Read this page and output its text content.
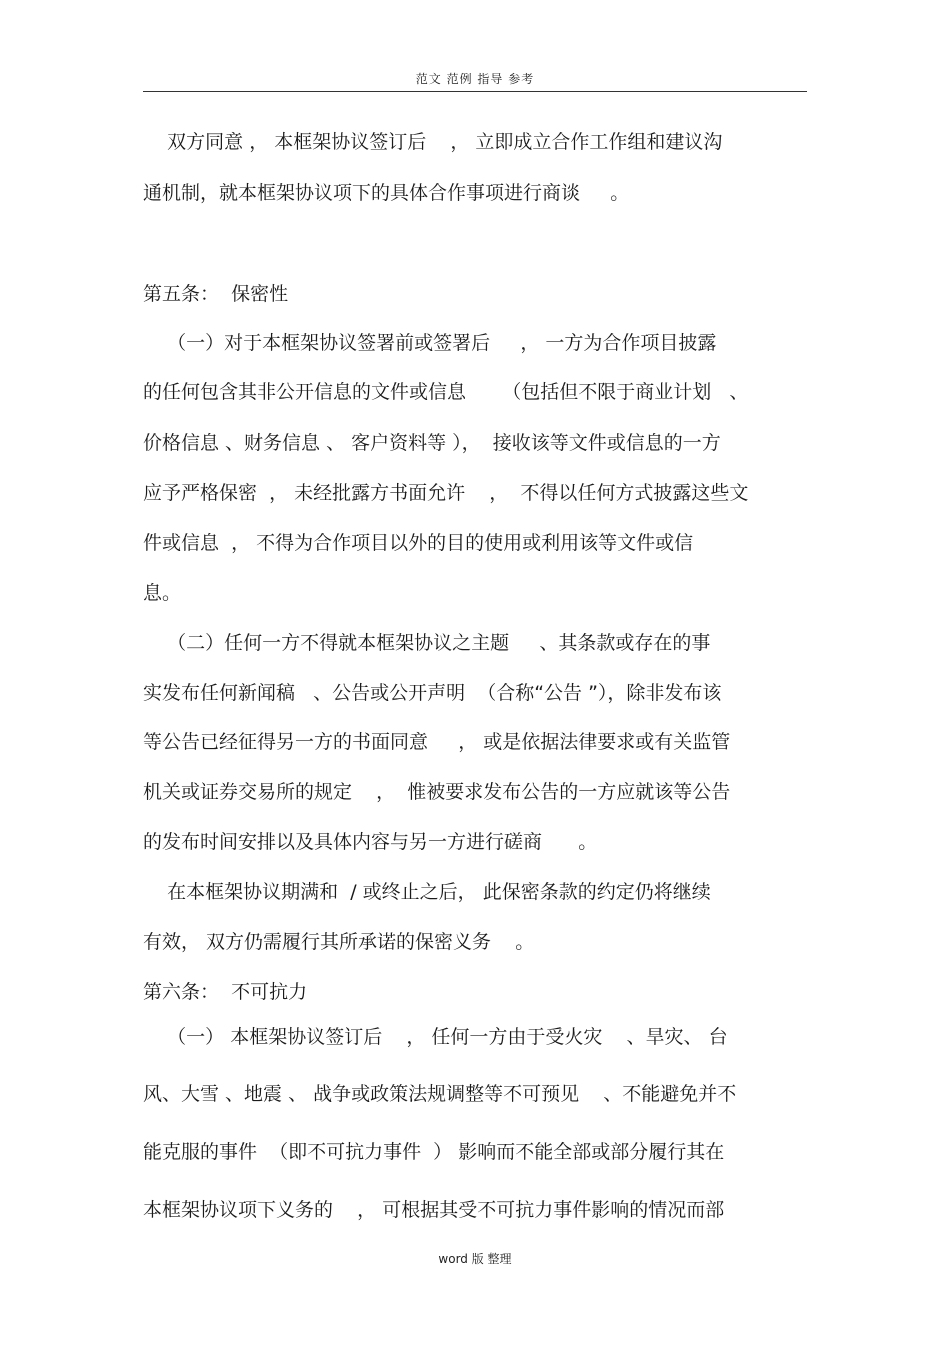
范文 范例 指导 参考
双方同意 ， 本框架协议签订后    ， 立即成立合作工作组和建议沟
通机制，就本框架协议项下的具体合作事项进行商谈     。
第五条：  保密性
（一）对于本框架协议签署前或签署后     ， 一方为合作项目披露
的任何包含其非公开信息的文件或信息      （包括但不限于商业计划   、
价格信息 、财务信息 、 客户资料等 ），  接收该等文件或信息的一方
应予严格保密  ， 未经批露方书面允许    ，  不得以任何方式披露这些文
件或信息  ， 不得为合作项目以外的目的使用或利用该等文件或信
息。
（二）任何一方不得就本框架协议之主题     、其条款或存在的事
实发布任何新闻稿   、公告或公开声明  （合称“公告 ”），除非发布该
等公告已经征得另一方的书面同意     ， 或是依据法律要求或有关监管
机关或证券交易所的规定    ，  惟被要求发布公告的一方应就该等公告
的发布时间安排以及具体内容与另一方进行磋商      。
在本框架协议期满和  / 或终止之后， 此保密条款的约定仍将继续
有效， 双方仍需履行其所承诺的保密义务    。
第六条：  不可抗力
（一） 本框架协议签订后    ， 任何一方由于受火灾    、旱灾、 台
风、大雪 、地震 、 战争或政策法规调整等不可预见    、不能避免并不
能克服的事件  （即不可抗力事件  ） 影响而不能全部或部分履行其在
本框架协议项下义务的    ， 可根据其受不可抗力事件影响的情况而部
word 版 整理
